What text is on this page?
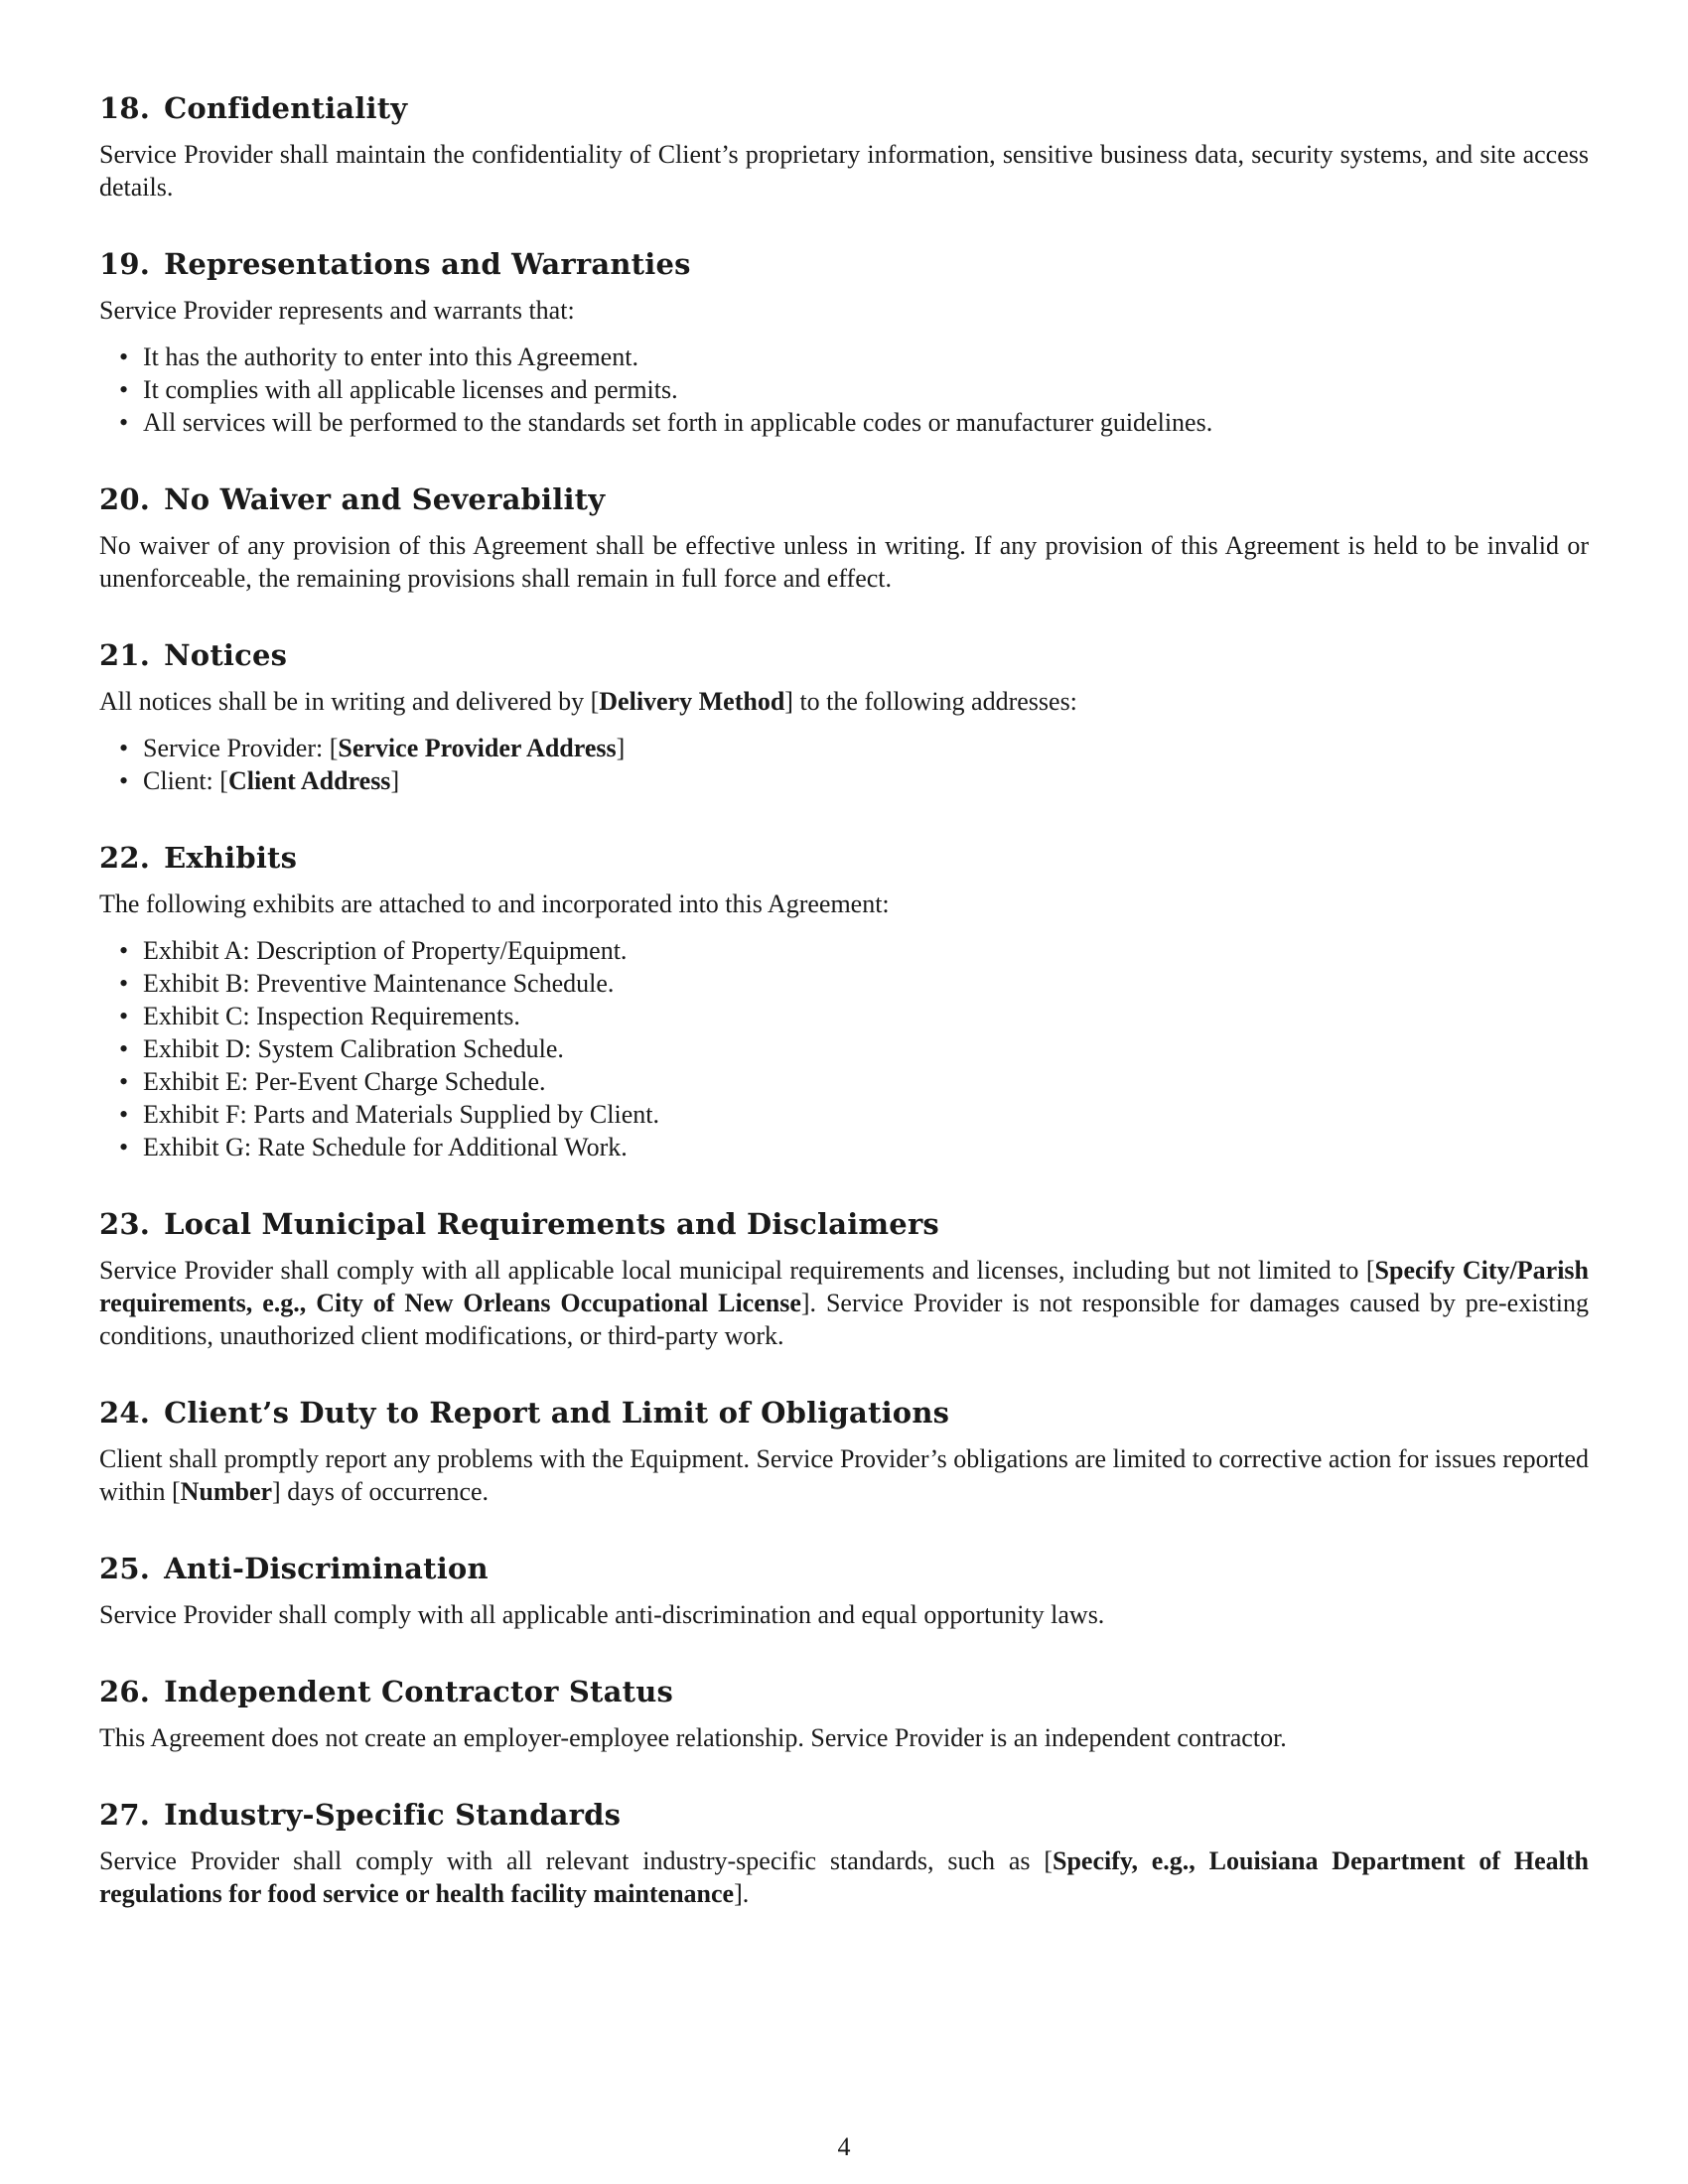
18. Confidentiality

Service Provider shall maintain the confidentiality of Client’s proprietary information, sensitive business data, security systems, and site access details.

19. Representations and Warranties

Service Provider represents and warrants that:

• It has the authority to enter into this Agreement.
• It complies with all applicable licenses and permits.
• All services will be performed to the standards set forth in applicable codes or manufacturer guidelines.
20. No Waiver and Severability

No waiver of any provision of this Agreement shall be effective unless in writing. If any provision of this Agreement is held to be invalid or unenforceable, the remaining provisions shall remain in full force and effect.

21. Notices

All notices shall be in writing and delivered by [Delivery Method] to the following addresses:

• Service Provider: [Service Provider Address]
• Client: [Client Address]
22. Exhibits

The following exhibits are attached to and incorporated into this Agreement:

• Exhibit A: Description of Property/Equipment.
• Exhibit B: Preventive Maintenance Schedule.
• Exhibit C: Inspection Requirements.
• Exhibit D: System Calibration Schedule.
• Exhibit E: Per-Event Charge Schedule.
• Exhibit F: Parts and Materials Supplied by Client.
• Exhibit G: Rate Schedule for Additional Work.
23. Local Municipal Requirements and Disclaimers

Service Provider shall comply with all applicable local municipal requirements and licenses, including but not limited to [Specify City/Parish requirements, e.g., City of New Orleans Occupational License]. Service Provider is not responsible for damages caused by pre-existing conditions, unauthorized client modifications, or third-party work.

24. Client’s Duty to Report and Limit of Obligations

Client shall promptly report any problems with the Equipment. Service Provider’s obligations are limited to corrective action for issues reported within [Number] days of occurrence.

25. Anti-Discrimination

Service Provider shall comply with all applicable anti-discrimination and equal opportunity laws.

26. Independent Contractor Status

This Agreement does not create an employer-employee relationship. Service Provider is an independent contractor.

27. Industry-Specific Standards

Service Provider shall comply with all relevant industry-specific standards, such as [Specify, e.g., Louisiana Department of Health regulations for food service or health facility maintenance].

4
